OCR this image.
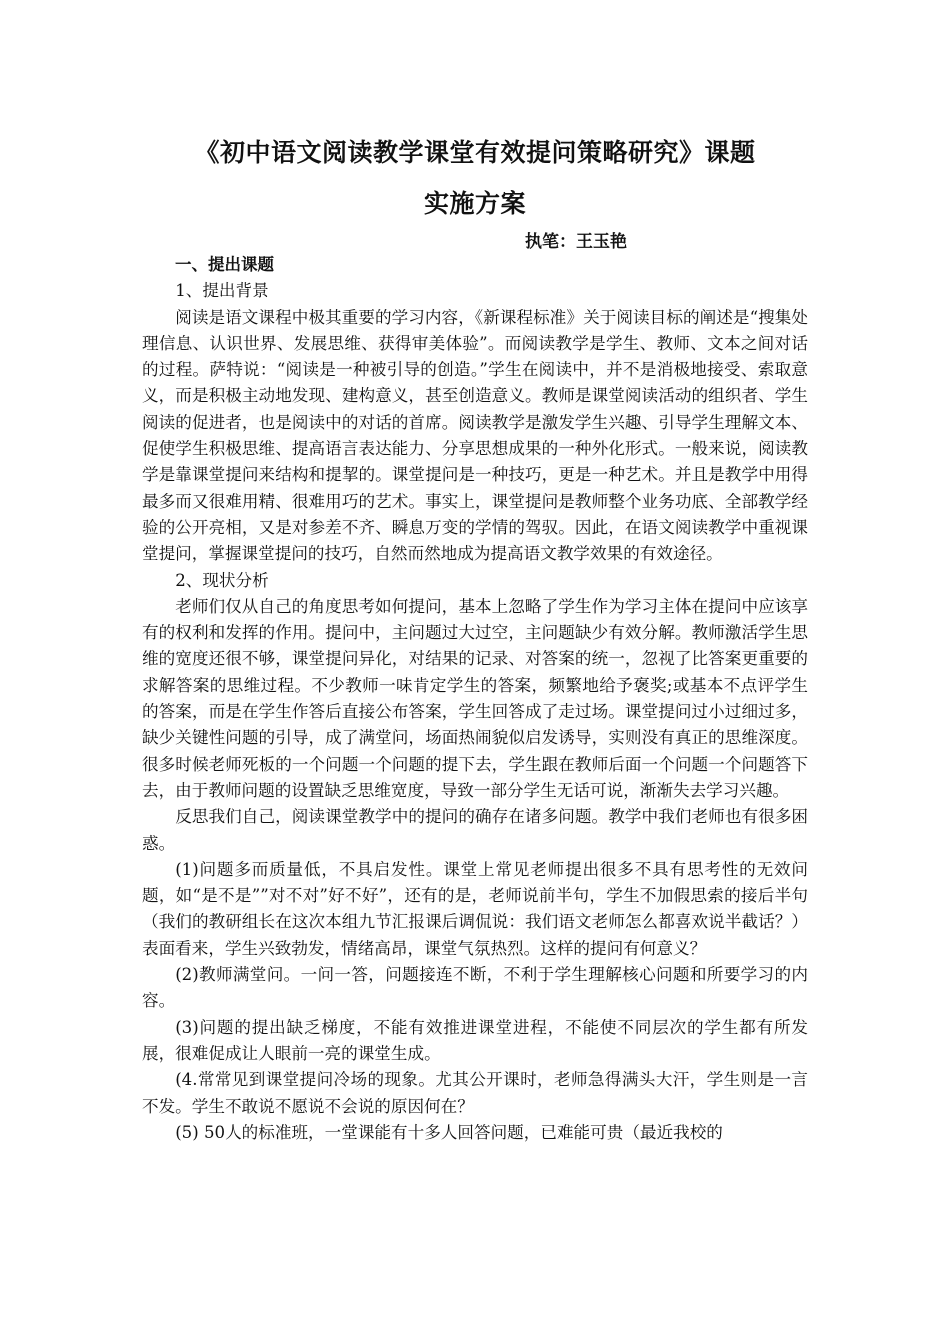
《初中语文阅读教学课堂有效提问策略研究》课题
实施方案
执笔：王玉艳

一、提出课题

1、提出背景

阅读是语文课程中极其重要的学习内容，《新课程标准》关于阅读目标的阐述是“搜集处理信息、认识世界、发展思维、获得审美体验”。而阅读教学是学生、教师、文本之间对话的过程。萨特说：“阅读是一种被引导的创造。”学生在阅读中，并不是消极地接受、索取意义，而是积极主动地发现、建构意义，甚至创造意义。教师是课堂阅读活动的组织者、学生阅读的促进者，也是阅读中的对话的首席。阅读教学是激发学生兴趣、引导学生理解文本、促使学生积极思维、提高语言表达能力、分享思想成果的一种外化形式。一般来说，阅读教学是靠课堂提问来结构和提挈的。课堂提问是一种技巧，更是一种艺术。并且是教学中用得最多而又很难用精、很难用巧的艺术。事实上，课堂提问是教师整个业务功底、全部教学经验的公开亮相，又是对参差不齐、瞬息万变的学情的驾驭。因此，在语文阅读教学中重视课堂提问，掌握课堂提问的技巧，自然而然地成为提高语文教学效果的有效途径。

2、现状分析

老师们仅从自己的角度思考如何提问，基本上忽略了学生作为学习主体在提问中应该享有的权利和发挥的作用。提问中，主问题过大过空，主问题缺少有效分解。教师激活学生思维的宽度还很不够，课堂提问异化，对结果的记录、对答案的统一，忽视了比答案更重要的求解答案的思维过程。不少教师一味肯定学生的答案，频繁地给予褒奖;或基本不点评学生的答案，而是在学生作答后直接公布答案，学生回答成了走过场。课堂提问过小过细过多，缺少关键性问题的引导，成了满堂问，场面热闹貌似启发诱导，实则没有真正的思维深度。很多时候老师死板的一个问题一个问题的提下去，学生跟在教师后面一个问题一个问题答下去，由于教师问题的设置缺乏思维宽度，导致一部分学生无话可说，渐渐失去学习兴趣。

反思我们自己，阅读课堂教学中的提问的确存在诸多问题。教学中我们老师也有很多困惑。

(1)问题多而质量低，不具启发性。课堂上常见老师提出很多不具有思考性的无效问题，如“是不是””对不对”好不好”，还有的是，老师说前半句，学生不加假思索的接后半句（我们的教研组长在这次本组九节汇报课后调侃说：我们语文老师怎么都喜欢说半截话？）表面看来，学生兴致勃发，情绪高昂，课堂气氛热烈。这样的提问有何意义？

(2)教师满堂问。一问一答，问题接连不断，不利于学生理解核心问题和所要学习的内容。

(3)问题的提出缺乏梯度，不能有效推进课堂进程，不能使不同层次的学生都有所发展，很难促成让人眼前一亮的课堂生成。

(4.常常见到课堂提问冷场的现象。尤其公开课时，老师急得满头大汗，学生则是一言不发。学生不敢说不愿说不会说的原因何在？

(5) 50人的标准班，一堂课能有十多人回答问题，已难能可贵（最近我校的
